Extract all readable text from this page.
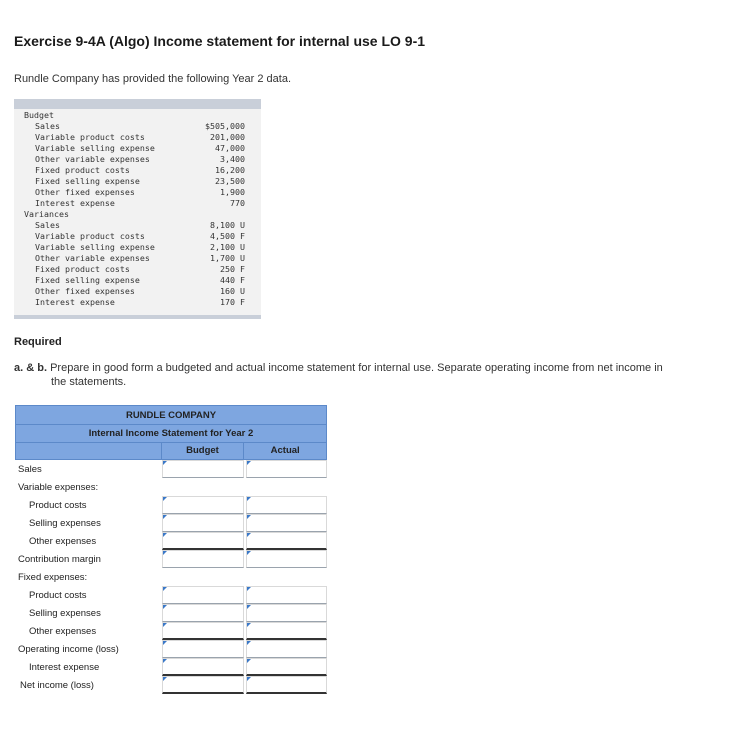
Exercise 9-4A (Algo) Income statement for internal use LO 9-1
Rundle Company has provided the following Year 2 data.
Budget
Sales	$505,000
Variable product costs	201,000
Variable selling expense	47,000
Other variable expenses	3,400
Fixed product costs	16,200
Fixed selling expense	23,500
Other fixed expenses	1,900
Interest expense	770
Variances
Sales	8,100 U
Variable product costs	4,500 F
Variable selling expense	2,100 U
Other variable expenses	1,700 U
Fixed product costs	250 F
Fixed selling expense	440 F
Other fixed expenses	160 U
Interest expense	170 F
Required
a. & b. Prepare in good form a budgeted and actual income statement for internal use. Separate operating income from net income in
the statements.
RUNDLE COMPANY
Internal Income Statement for Year 2
Budget	Actual
Sales
Variable expenses:
Product costs
Selling expenses
Other expenses
Contribution margin
Fixed expenses:
Product costs
Selling expenses
Other expenses
Operating income (loss)
Interest expense
Net income (loss)
